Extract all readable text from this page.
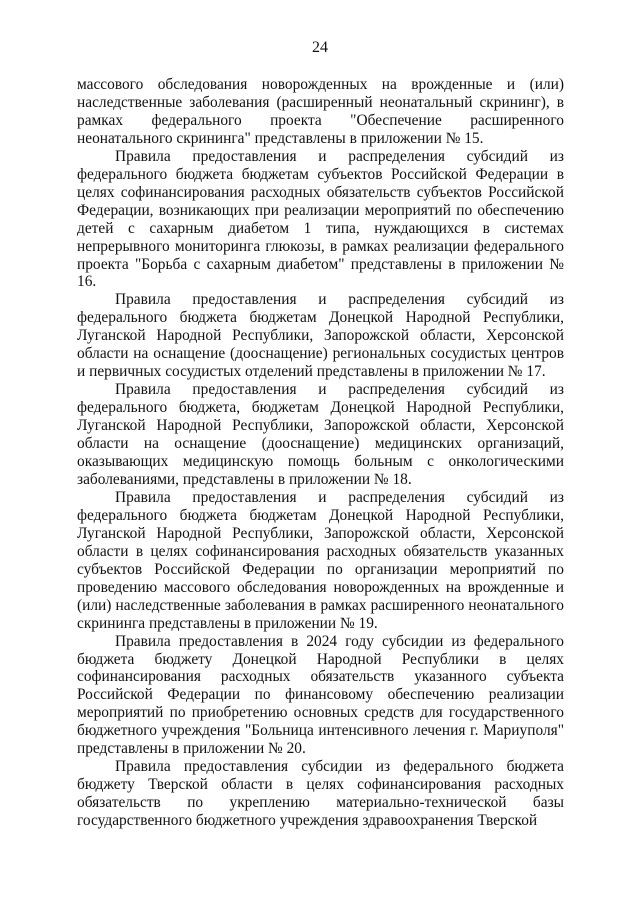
24

массового обследования новорожденных на врожденные и (или) наследственные заболевания (расширенный неонатальный скрининг), в рамках федерального проекта "Обеспечение расширенного неонатального скрининга" представлены в приложении № 15.

Правила предоставления и распределения субсидий из федерального бюджета бюджетам субъектов Российской Федерации в целях софинансирования расходных обязательств субъектов Российской Федерации, возникающих при реализации мероприятий по обеспечению детей с сахарным диабетом 1 типа, нуждающихся в системах непрерывного мониторинга глюкозы, в рамках реализации федерального проекта "Борьба с сахарным диабетом" представлены в приложении № 16.

Правила предоставления и распределения субсидий из федерального бюджета бюджетам Донецкой Народной Республики, Луганской Народной Республики, Запорожской области, Херсонской области на оснащение (дооснащение) региональных сосудистых центров и первичных сосудистых отделений представлены в приложении № 17.

Правила предоставления и распределения субсидий из федерального бюджета, бюджетам Донецкой Народной Республики, Луганской Народной Республики, Запорожской области, Херсонской области на оснащение (дооснащение) медицинских организаций, оказывающих медицинскую помощь больным с онкологическими заболеваниями, представлены в приложении № 18.

Правила предоставления и распределения субсидий из федерального бюджета бюджетам Донецкой Народной Республики, Луганской Народной Республики, Запорожской области, Херсонской области в целях софинансирования расходных обязательств указанных субъектов Российской Федерации по организации мероприятий по проведению массового обследования новорожденных на врожденные и (или) наследственные заболевания в рамках расширенного неонатального скрининга представлены в приложении № 19.

Правила предоставления в 2024 году субсидии из федерального бюджета бюджету Донецкой Народной Республики в целях софинансирования расходных обязательств указанного субъекта Российской Федерации по финансовому обеспечению реализации мероприятий по приобретению основных средств для государственного бюджетного учреждения "Больница интенсивного лечения г. Мариуполя" представлены в приложении № 20.

Правила предоставления субсидии из федерального бюджета бюджету Тверской области в целях софинансирования расходных обязательств по укреплению материально-технической базы государственного бюджетного учреждения здравоохранения Тверской
